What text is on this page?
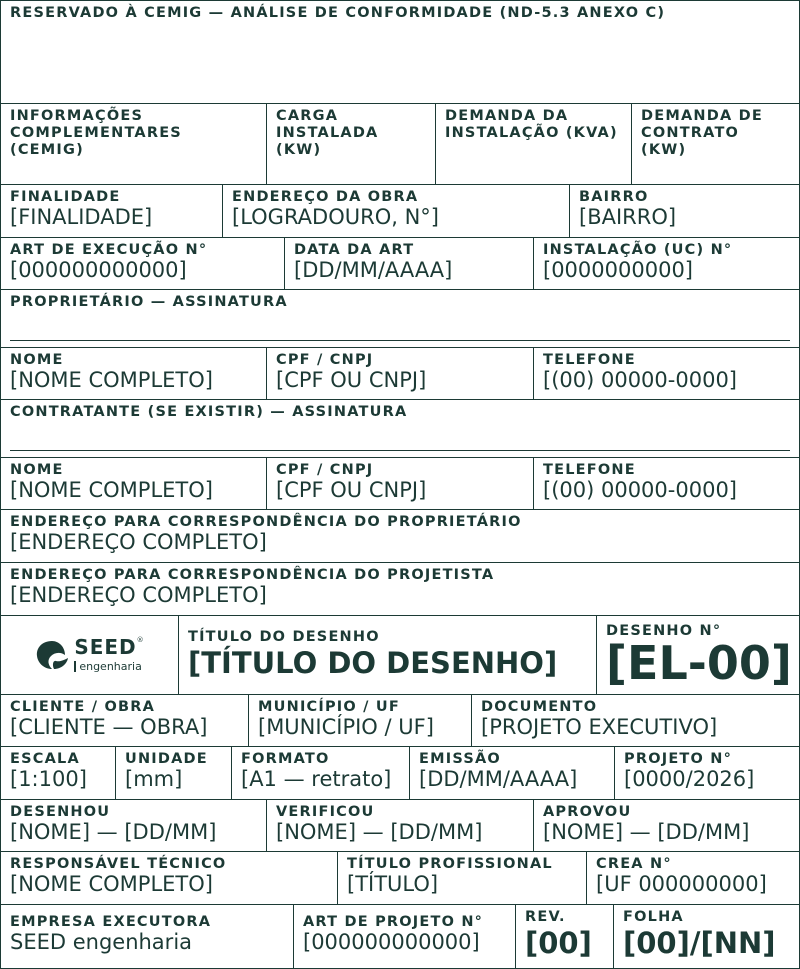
RESERVADO À CEMIG — ANÁLISE DE CONFORMIDADE (ND-5.3 ANEXO C)
INFORMAÇÕES
COMPLEMENTARES
(CEMIG)
CARGA
INSTALADA
(KW)
DEMANDA DA
INSTALAÇÃO (KVA)
DEMANDA DE
CONTRATO
(KW)
FINALIDADE
[FINALIDADE]
ENDEREÇO DA OBRA
[LOGRADOURO, N°]
BAIRRO
[BAIRRO]
ART DE EXECUÇÃO N°
[000000000000]
DATA DA ART
[DD/MM/AAAA]
INSTALAÇÃO (UC) N°
[0000000000]
PROPRIETÁRIO — ASSINATURA
NOME
[NOME COMPLETO]
CPF / CNPJ
[CPF OU CNPJ]
TELEFONE
[(00) 00000-0000]
CONTRATANTE (SE EXISTIR) — ASSINATURA
NOME
[NOME COMPLETO]
CPF / CNPJ
[CPF OU CNPJ]
TELEFONE
[(00) 00000-0000]
ENDEREÇO PARA CORRESPONDÊNCIA DO PROPRIETÁRIO
[ENDEREÇO COMPLETO]
ENDEREÇO PARA CORRESPONDÊNCIA DO PROJETISTA
[ENDEREÇO COMPLETO]
SEED®
engenharia
TÍTULO DO DESENHO
[TÍTULO DO DESENHO]
DESENHO N°
[EL-00]
CLIENTE / OBRA
[CLIENTE — OBRA]
MUNICÍPIO / UF
[MUNICÍPIO / UF]
DOCUMENTO
[PROJETO EXECUTIVO]
ESCALA
[1:100]
UNIDADE
[mm]
FORMATO
[A1 — retrato]
EMISSÃO
[DD/MM/AAAA]
PROJETO N°
[0000/2026]
DESENHOU
[NOME] — [DD/MM]
VERIFICOU
[NOME] — [DD/MM]
APROVOU
[NOME] — [DD/MM]
RESPONSÁVEL TÉCNICO
[NOME COMPLETO]
TÍTULO PROFISSIONAL
[TÍTULO]
CREA N°
[UF 000000000]
EMPRESA EXECUTORA
SEED engenharia
ART DE PROJETO N°
[000000000000]
REV.
[00]
FOLHA
[00]/[NN]
